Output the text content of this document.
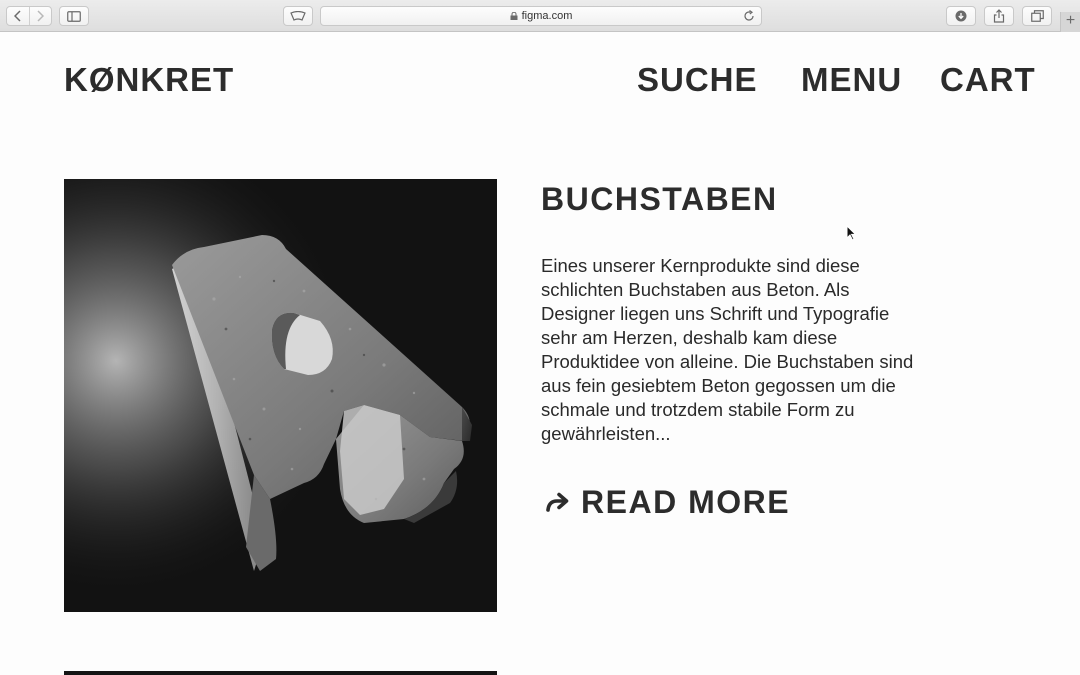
figma.com	+
KØNKRET	SUCHE MENU CART
BUCHSTABEN

Eines unserer Kernprodukte sind diese schlichten Buchstaben aus Beton. Als Designer liegen uns Schrift und Typografie sehr am Herzen, deshalb kam diese Produktidee von alleine. Die Buchstaben sind aus fein gesiebtem Beton gegossen um die schmale und trotzdem stabile Form zu gewährleisten...

READ MORE
